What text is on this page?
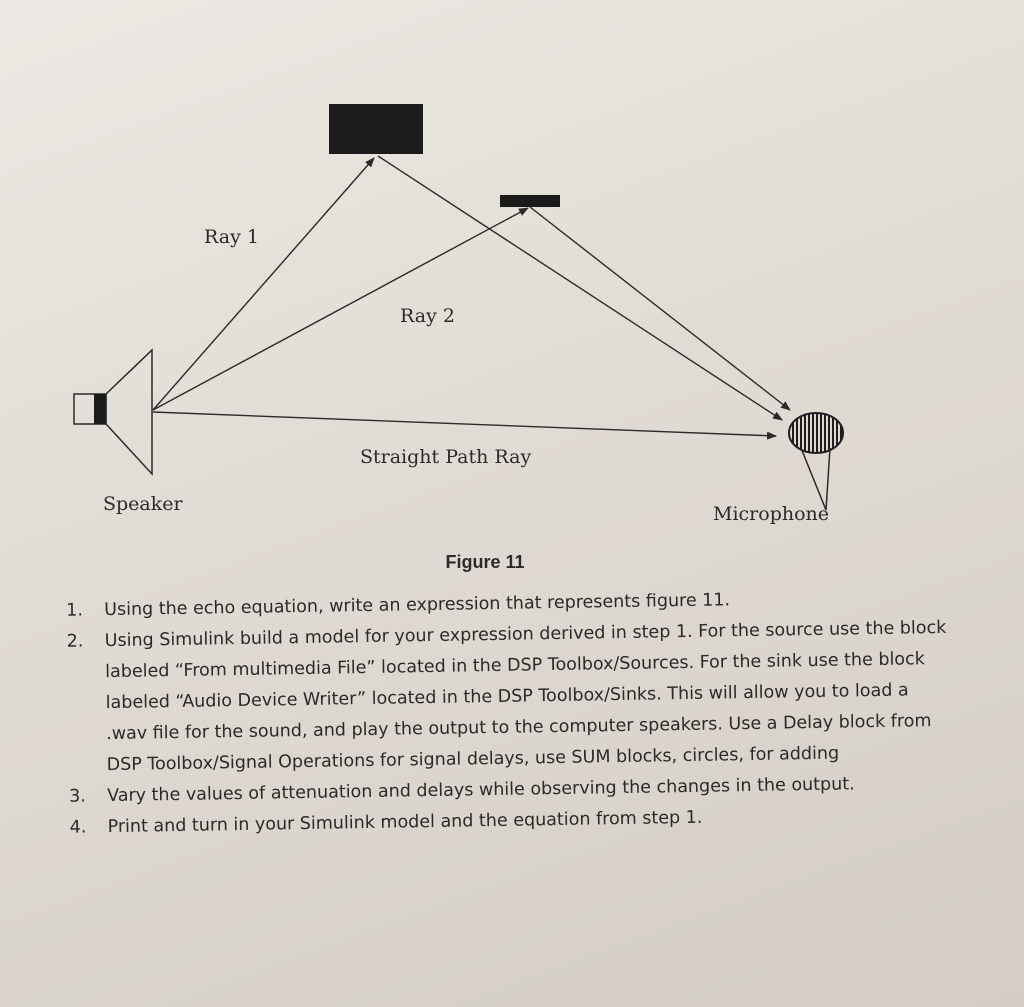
Ray 1
Ray 2
Straight Path Ray
Speaker	Microphone
Figure 11
1. Using the echo equation, write an expression that represents figure 11.
2. Using Simulink build a model for your expression derived in step 1. For the source use the block labeled “From multimedia File” located in the DSP Toolbox/Sources. For the sink use the block labeled “Audio Device Writer” located in the DSP Toolbox/Sinks. This will allow you to load a .wav file for the sound, and play the output to the computer speakers. Use a Delay block from DSP Toolbox/Signal Operations for signal delays, use SUM blocks, circles, for adding
3. Vary the values of attenuation and delays while observing the changes in the output.
4. Print and turn in your Simulink model and the equation from step 1.
